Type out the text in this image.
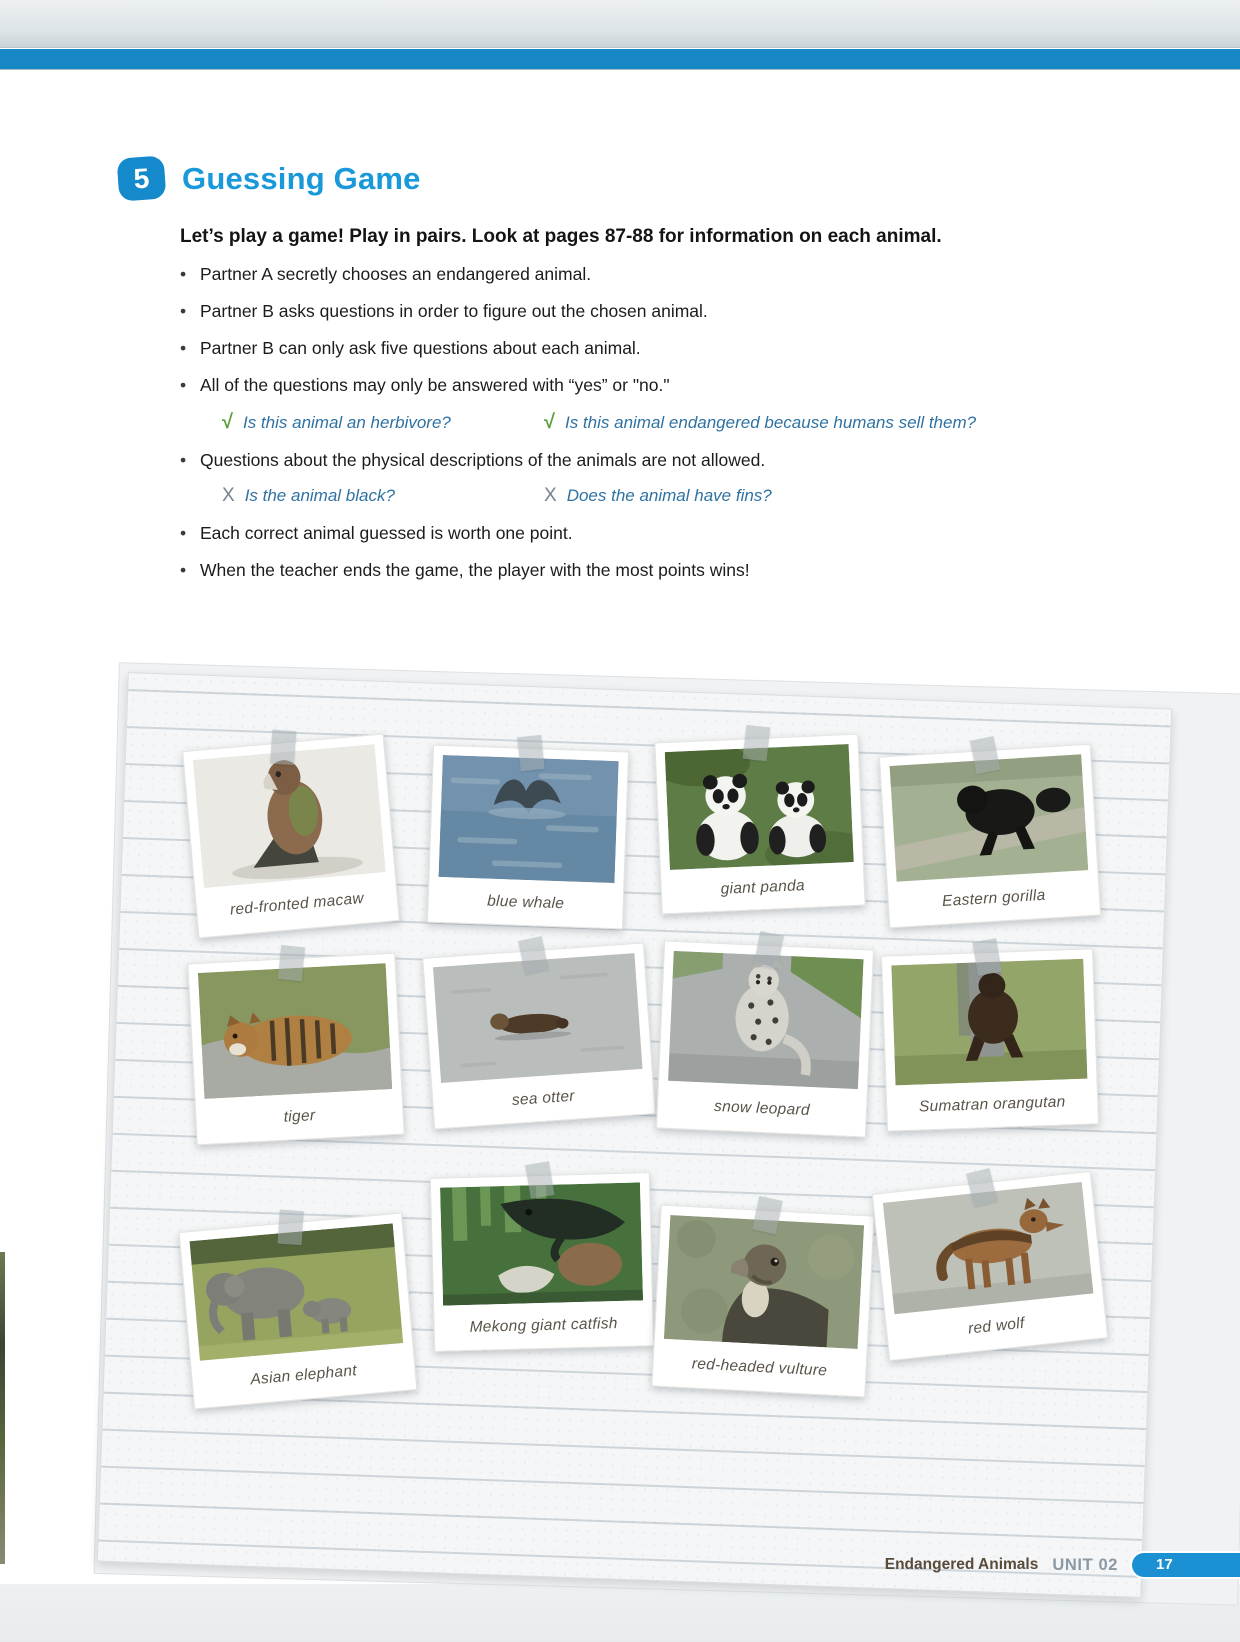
5	Guessing Game
Let’s play a game! Play in pairs. Look at pages 87-88 for information on each animal.
• Partner A secretly chooses an endangered animal.
• Partner B asks questions in order to figure out the chosen animal.
• Partner B can only ask five questions about each animal.
• All of the questions may only be answered with “yes” or "no."
√ Is this animal an herbivore?	√ Is this animal endangered because humans sell them?
• Questions about the physical descriptions of the animals are not allowed.
X Is the animal black?	X Does the animal have fins?
• Each correct animal guessed is worth one point.
• When the teacher ends the game, the player with the most points wins!
red-fronted macaw	blue whale
giant panda	Eastern gorilla
tiger
sea otter	snow leopard	Sumatran orangutan
Asian elephant
Mekong giant catfish
red-headed vulture
red wolf
Endangered Animals UNIT 02	17
